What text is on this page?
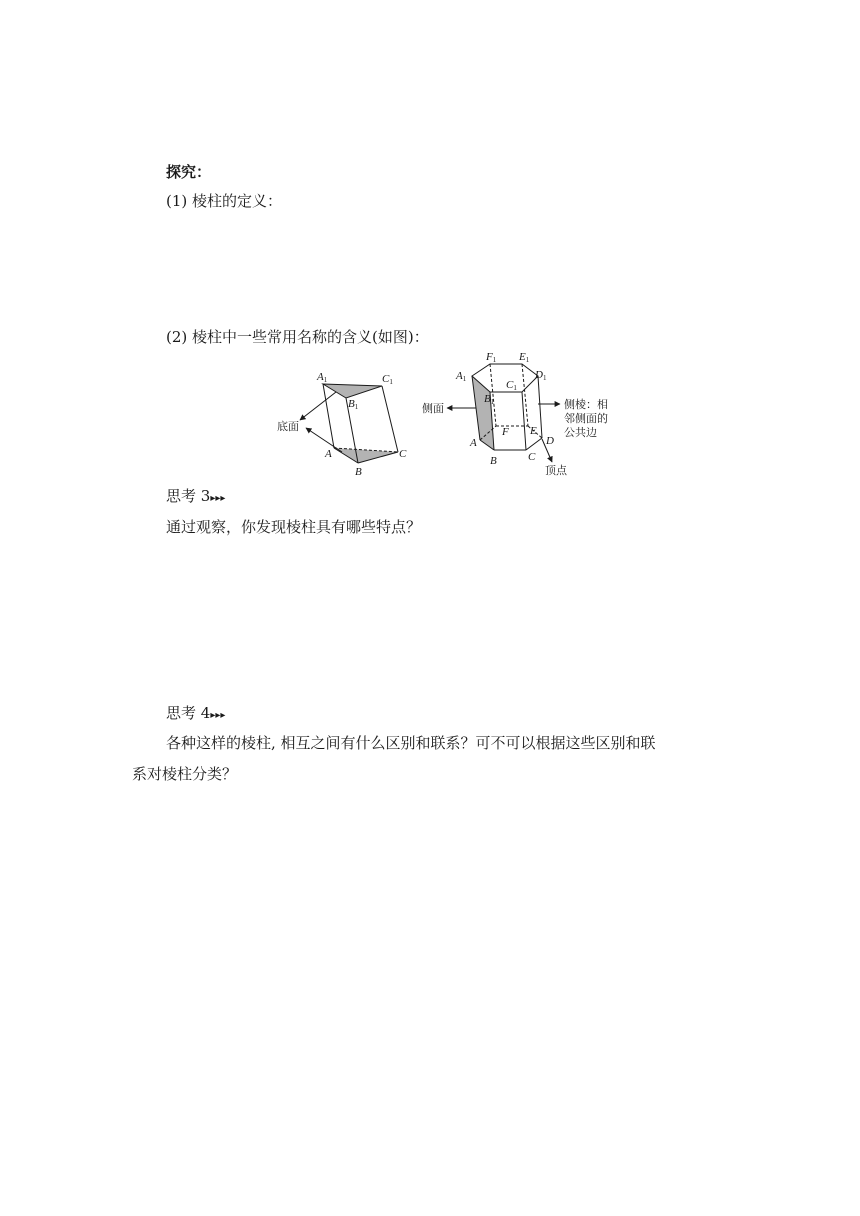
探究：
(1) 棱柱的定义：
(2) 棱柱中一些常用名称的含义(如图)：
A1	C1
B1
A
B
C
底面
F1 E1
A1	C1
D1
B1
F E
A
B	C
D
侧面	侧棱：相
邻侧面的
公共边
顶点
思考 3▸▸▸
通过观察，你发现棱柱具有哪些特点？
思考 4▸▸▸
各种这样的棱柱, 相互之间有什么区别和联系？可不可以根据这些区别和联
系对棱柱分类？
